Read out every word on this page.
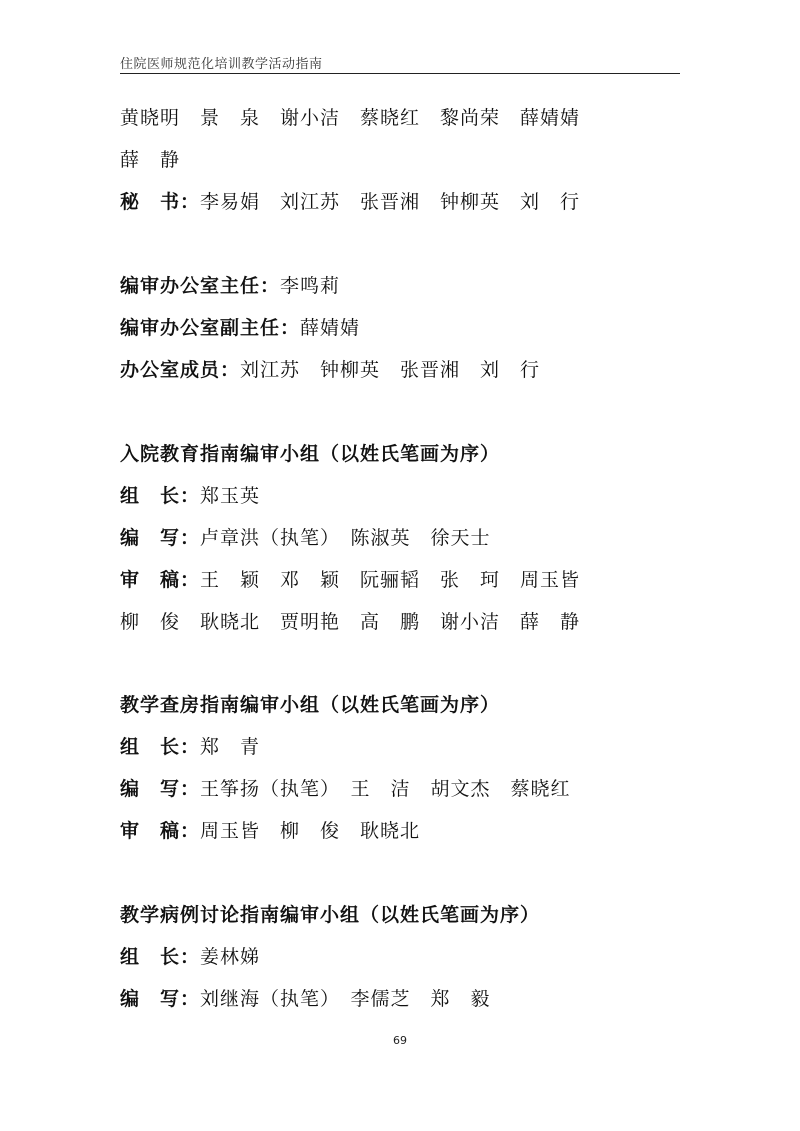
住院医师规范化培训教学活动指南
黄晓明　景　泉　谢小洁　蔡晓红　黎尚荣　薛婧婧
薛　静
秘　书：李易娟　刘江苏　张晋湘　钟柳英　刘　行
编审办公室主任：李鸣莉
编审办公室副主任：薛婧婧
办公室成员：刘江苏　钟柳英　张晋湘　刘　行
入院教育指南编审小组（以姓氏笔画为序）
组　长：郑玉英
编　写：卢章洪（执笔）　陈淑英　徐天士
审　稿：王　颖　邓　颖　阮骊韬　张　珂　周玉皆
柳　俊　耿晓北　贾明艳　高　鹏　谢小洁　薛　静
教学查房指南编审小组（以姓氏笔画为序）
组　长：郑　青
编　写：王筝扬（执笔）　王　洁　胡文杰　蔡晓红
审　稿：周玉皆　柳　俊　耿晓北
教学病例讨论指南编审小组（以姓氏笔画为序）
组　长：姜林娣
编　写：刘继海（执笔）　李儒芝　郑　毅
69
